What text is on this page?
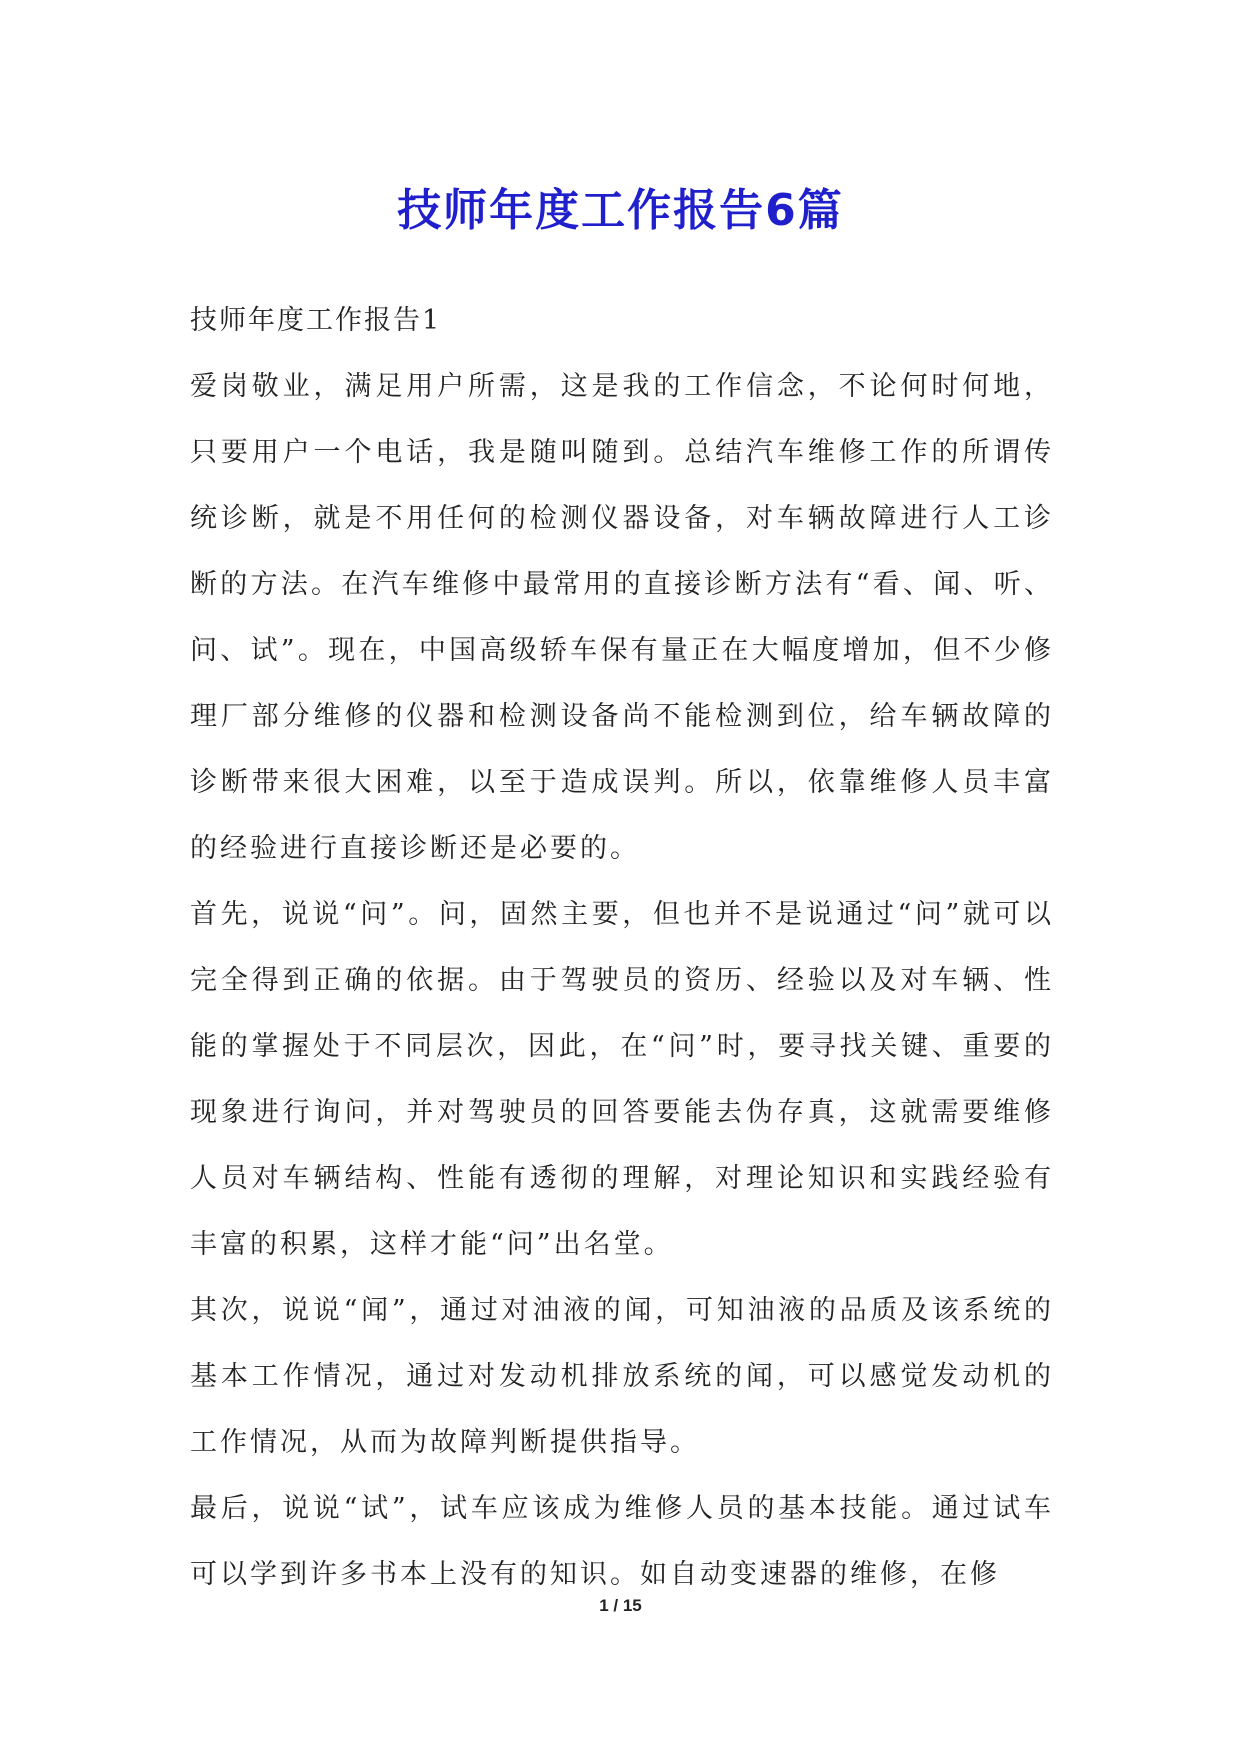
技师年度工作报告6篇

技师年度工作报告1

爱岗敬业，满足用户所需，这是我的工作信念，不论何时何地，只要用户一个电话，我是随叫随到。总结汽车维修工作的所谓传统诊断，就是不用任何的检测仪器设备，对车辆故障进行人工诊断的方法。在汽车维修中最常用的直接诊断方法有“看、闻、听、问、试”。现在，中国高级轿车保有量正在大幅度增加，但不少修理厂部分维修的仪器和检测设备尚不能检测到位，给车辆故障的诊断带来很大困难，以至于造成误判。所以，依靠维修人员丰富的经验进行直接诊断还是必要的。

首先，说说“问”。问，固然主要，但也并不是说通过“问”就可以完全得到正确的依据。由于驾驶员的资历、经验以及对车辆、性能的掌握处于不同层次，因此，在“问”时，要寻找关键、重要的现象进行询问，并对驾驶员的回答要能去伪存真，这就需要维修人员对车辆结构、性能有透彻的理解，对理论知识和实践经验有丰富的积累，这样才能“问”出名堂。

其次，说说“闻”，通过对油液的闻，可知油液的品质及该系统的基本工作情况，通过对发动机排放系统的闻，可以感觉发动机的工作情况，从而为故障判断提供指导。

最后，说说“试”，试车应该成为维修人员的基本技能。通过试车可以学到许多书本上没有的知识。如自动变速器的维修，在修

1 / 15
